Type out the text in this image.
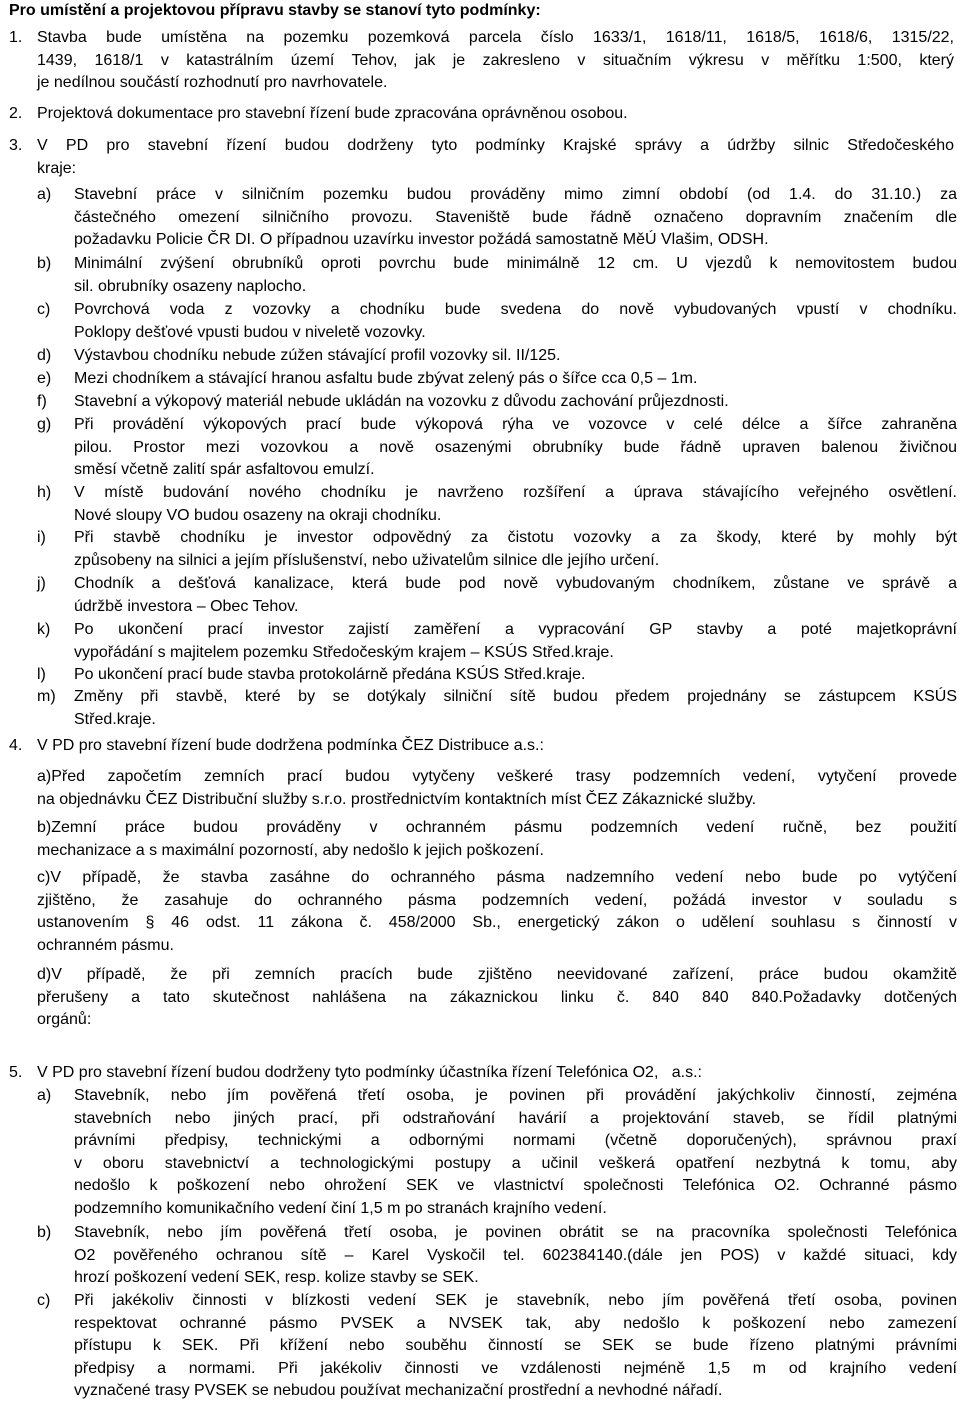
Pro umístění a projektovou přípravu stavby se stanoví tyto podmínky:
1. Stavba bude umístěna na pozemku pozemková parcela číslo 1633/1, 1618/11, 1618/5, 1618/6, 1315/22,
1439, 1618/1 v katastrálním území Tehov, jak je zakresleno v situačním výkresu v měřítku 1:500, který
je nedílnou součástí rozhodnutí pro navrhovatele.
2. Projektová dokumentace pro stavební řízení bude zpracována oprávněnou osobou.
3. V PD pro stavební řízení budou dodrženy tyto podmínky Krajské správy a údržby silnic Středočeského
kraje:
a) Stavební práce v silničním pozemku budou prováděny mimo zimní období (od 1.4. do 31.10.) za
částečného omezení silničního provozu. Staveniště bude řádně označeno dopravním značením dle
požadavku Policie ČR DI. O případnou uzavírku investor požádá samostatně MěÚ Vlašim, ODSH.
b) Minimální zvýšení obrubníků oproti povrchu bude minimálně 12 cm. U vjezdů k nemovitostem budou
sil. obrubníky osazeny naplocho.
c) Povrchová voda z vozovky a chodníku bude svedena do nově vybudovaných vpustí v chodníku.
Poklopy dešťové vpusti budou v niveletě vozovky.
d) Výstavbou chodníku nebude zúžen stávající profil vozovky sil. II/125.
e) Mezi chodníkem a stávající hranou asfaltu bude zbývat zelený pás o šířce cca 0,5 – 1m.
f) Stavební a výkopový materiál nebude ukládán na vozovku z důvodu zachování průjezdnosti.
g) Při provádění výkopových prací bude výkopová rýha ve vozovce v celé délce a šířce zahraněna
pilou. Prostor mezi vozovkou a nově osazenými obrubníky bude řádně upraven balenou živičnou
směsí včetně zalití spár asfaltovou emulzí.
h) V místě budování nového chodníku je navrženo rozšíření a úprava stávajícího veřejného osvětlení.
Nové sloupy VO budou osazeny na okraji chodníku.
i) Při stavbě chodníku je investor odpovědný za čistotu vozovky a za škody, které by mohly být
způsobeny na silnici a jejím příslušenství, nebo uživatelům silnice dle jejího určení.
j) Chodník a dešťová kanalizace, která bude pod nově vybudovaným chodníkem, zůstane ve správě a
údržbě investora – Obec Tehov.
k) Po ukončení prací investor zajistí zaměření a vypracování GP stavby a poté majetkoprávní
vypořádání s majitelem pozemku Středočeským krajem – KSÚS Střed.kraje.
l) Po ukončení prací bude stavba protokolárně předána KSÚS Střed.kraje.
m) Změny při stavbě, které by se dotýkaly silniční sítě budou předem projednány se zástupcem KSÚS
Střed.kraje.
4. V PD pro stavební řízení bude dodržena podmínka ČEZ Distribuce a.s.:
a)Před započetím zemních prací budou vytyčeny veškeré trasy podzemních vedení, vytyčení provede
na objednávku ČEZ Distribuční služby s.r.o. prostřednictvím kontaktních míst ČEZ Zákaznické služby.
b)Zemní práce budou prováděny v ochranném pásmu podzemních vedení ručně, bez použití
mechanizace a s maximální pozorností, aby nedošlo k jejich poškození.
c)V případě, že stavba zasáhne do ochranného pásma nadzemního vedení nebo bude po vytýčení
zjištěno, že zasahuje do ochranného pásma podzemních vedení, požádá investor v souladu s
ustanovením § 46 odst. 11 zákona č. 458/2000 Sb., energetický zákon o udělení souhlasu s činností v
ochranném pásmu.
d)V případě, že při zemních pracích bude zjištěno neevidované zařízení, práce budou okamžitě
přerušeny a tato skutečnost nahlášena na zákaznickou linku č. 840 840 840.Požadavky dotčených
orgánů:
5. V PD pro stavební řízení budou dodrženy tyto podmínky účastníka řízení Telefónica O2,   a.s.:
a) Stavebník, nebo jím pověřená třetí osoba, je povinen při provádění jakýchkoliv činností, zejména
stavebních nebo jiných prací, při odstraňování havárií a projektování staveb, se řídil platnými
právními předpisy, technickými a odbornými normami (včetně doporučených), správnou praxí
v oboru stavebnictví a technologickými postupy a učinil veškerá opatření nezbytná k tomu, aby
nedošlo k poškození nebo ohrožení SEK ve vlastnictví společnosti Telefónica O2. Ochranné pásmo
podzemního komunikačního vedení činí 1,5 m po stranách krajního vedení.
b) Stavebník, nebo jím pověřená třetí osoba, je povinen obrátit se na pracovníka společnosti Telefónica
O2 pověřeného ochranou sítě – Karel Vyskočil tel. 602384140.(dále jen POS) v každé situaci, kdy
hrozí poškození vedení SEK, resp. kolize stavby se SEK.
c) Při jakékoliv činnosti v blízkosti vedení SEK je stavebník, nebo jím pověřená třetí osoba, povinen
respektovat ochranné pásmo PVSEK a NVSEK tak, aby nedošlo k poškození nebo zamezení
přístupu k SEK. Při křížení nebo souběhu činností se SEK se bude řízeno platnými právními
předpisy a normami. Při jakékoliv činnosti ve vzdálenosti nejméně 1,5 m od krajního vedení
vyznačené trasy PVSEK se nebudou používat mechanizační prostřední a nevhodné nářadí.
